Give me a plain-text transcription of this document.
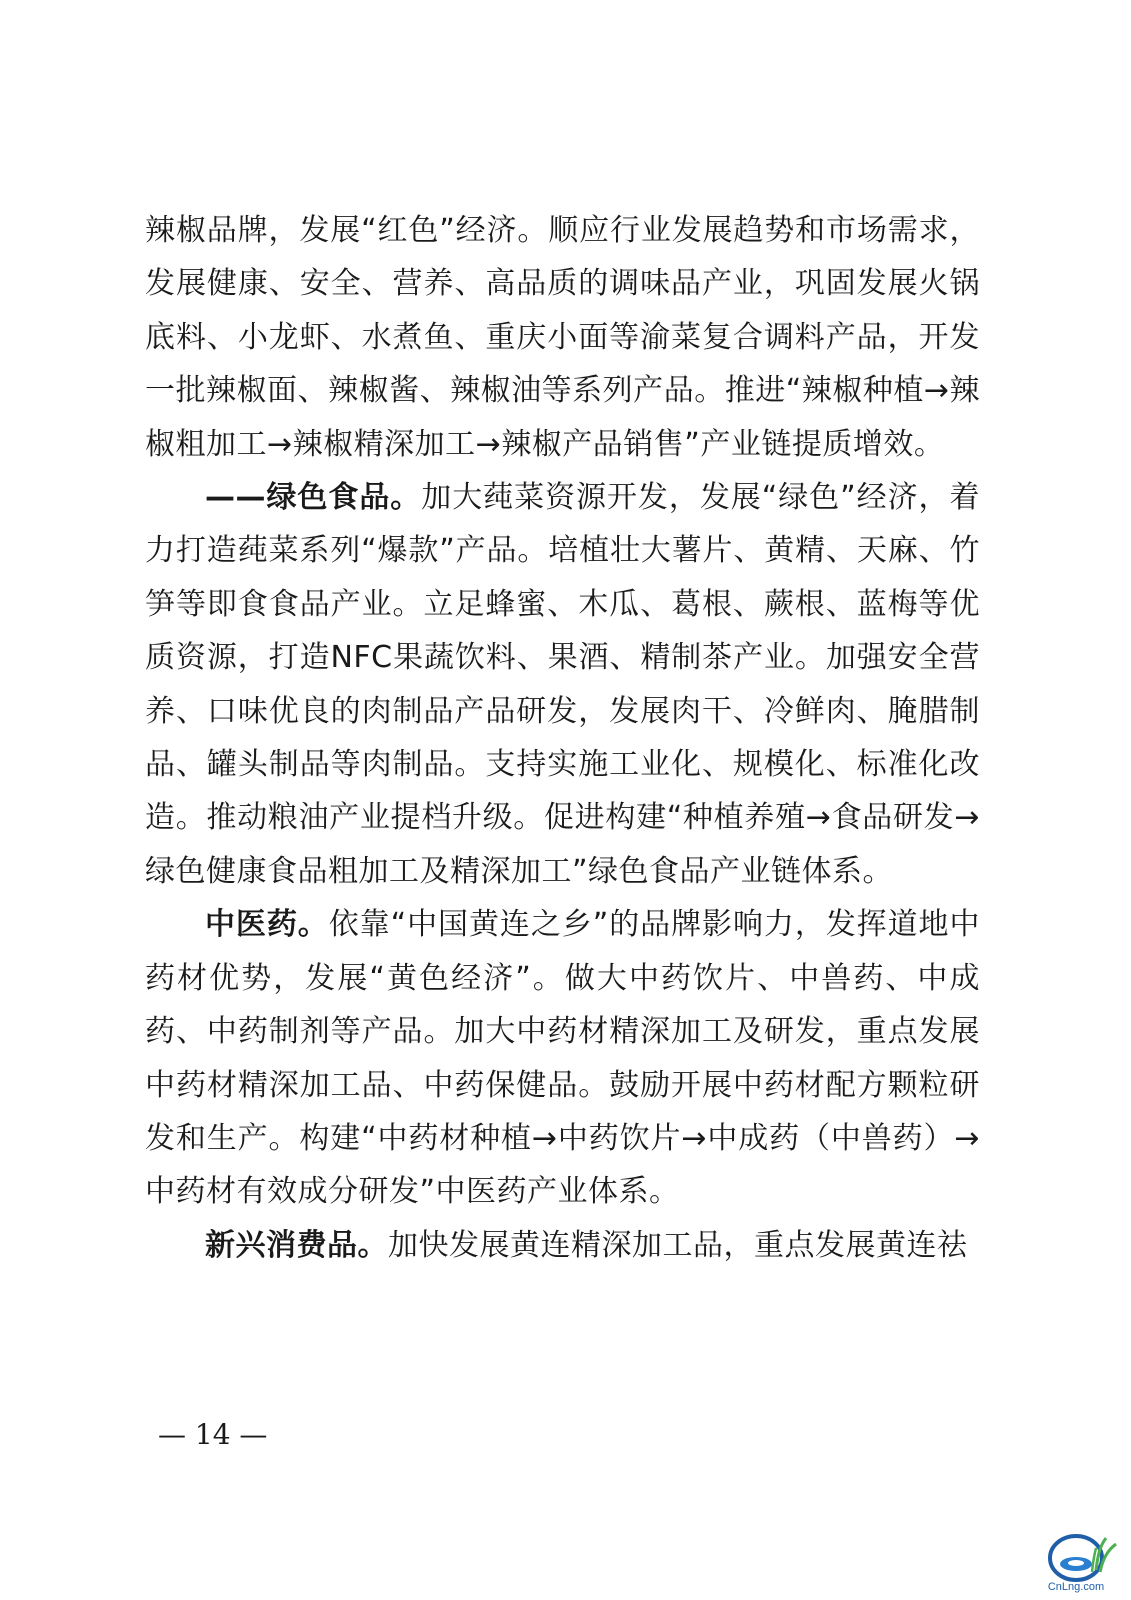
辣椒品牌，发展“红色”经济。顺应行业发展趋势和市场需求，发展健康、安全、营养、高品质的调味品产业，巩固发展火锅底料、小龙虾、水煮鱼、重庆小面等渝菜复合调料产品，开发一批辣椒面、辣椒酱、辣椒油等系列产品。推进“辣椒种植→辣椒粗加工→辣椒精深加工→辣椒产品销售”产业链提质增效。

——绿色食品。加大莼菜资源开发，发展“绿色”经济，着力打造莼菜系列“爆款”产品。培植壮大薯片、黄精、天麻、竹笋等即食食品产业。立足蜂蜜、木瓜、葛根、蕨根、蓝梅等优质资源，打造NFC果蔬饮料、果酒、精制茶产业。加强安全营养、口味优良的肉制品产品研发，发展肉干、冷鲜肉、腌腊制品、罐头制品等肉制品。支持实施工业化、规模化、标准化改造。推动粮油产业提档升级。促进构建“种植养殖→食品研发→绿色健康食品粗加工及精深加工”绿色食品产业链体系。

中医药。依靠“中国黄连之乡”的品牌影响力，发挥道地中药材优势，发展“黄色经济”。做大中药饮片、中兽药、中成药、中药制剂等产品。加大中药材精深加工及研发，重点发展中药材精深加工品、中药保健品。鼓励开展中药材配方颗粒研发和生产。构建“中药材种植→中药饮片→中成药（中兽药）→中药材有效成分研发”中医药产业体系。

新兴消费品。加快发展黄连精深加工品，重点发展黄连祛

— 14 —
CnLng.com
